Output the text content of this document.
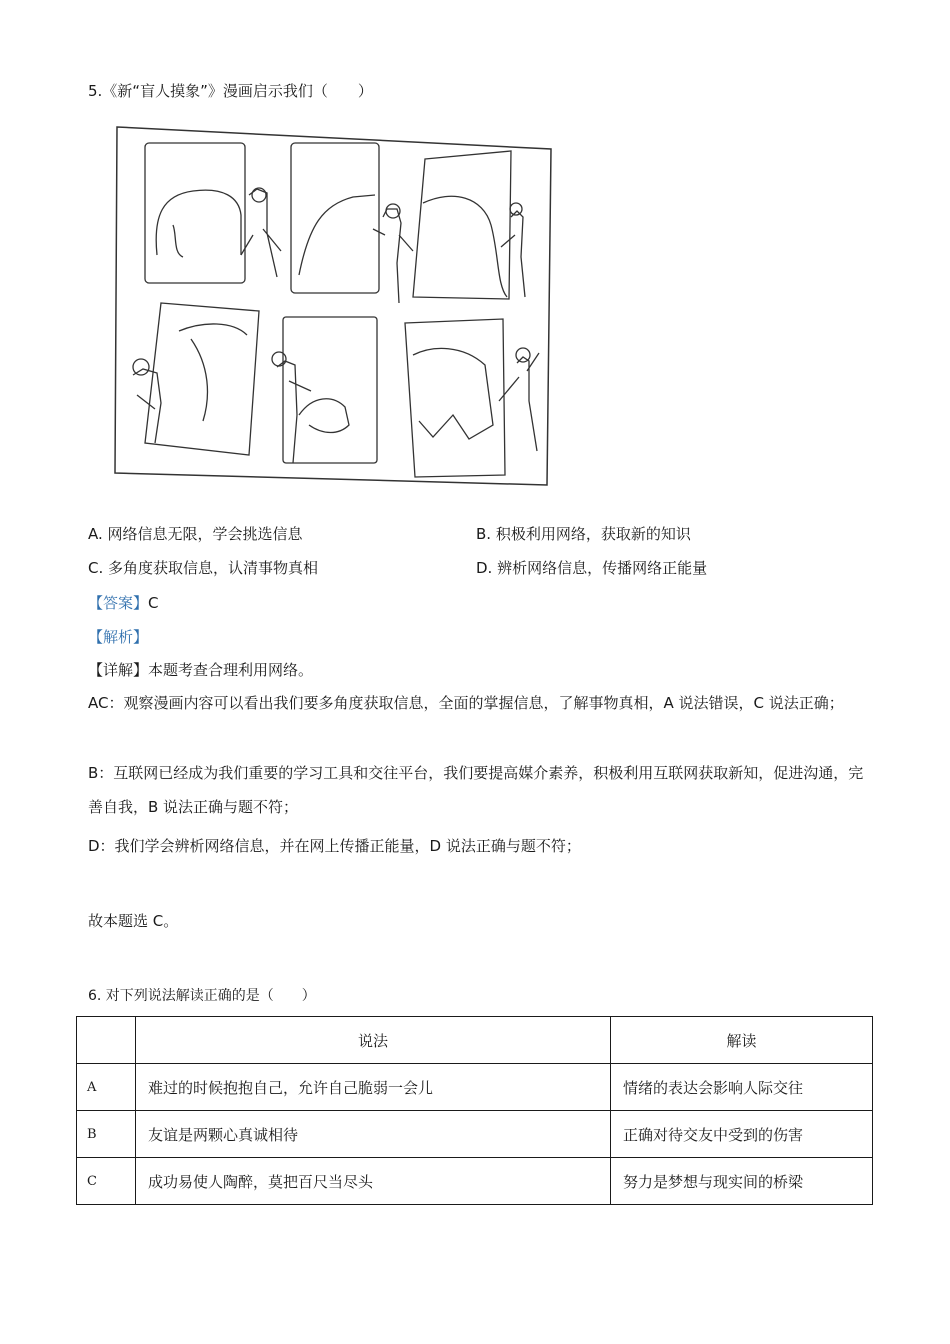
5.《新“盲人摸象”》漫画启示我们（　　）
A. 网络信息无限，学会挑选信息	B. 积极利用网络，获取新的知识
C. 多角度获取信息，认清事物真相	D. 辨析网络信息，传播网络正能量
【答案】C
【解析】
【详解】本题考查合理利用网络。
AC：观察漫画内容可以看出我们要多角度获取信息，全面的掌握信息，了解事物真相，A 说法错误，C 说法正确；
B：互联网已经成为我们重要的学习工具和交往平台，我们要提高媒介素养，积极利用互联网获取新知，促进沟通，完善自我，B 说法正确与题不符；
D：我们学会辨析网络信息，并在网上传播正能量，D 说法正确与题不符；
故本题选 C。
6. 对下列说法解读正确的是（　　）
	说法	解读
A	难过的时候抱抱自己，允许自己脆弱一会儿	情绪的表达会影响人际交往
B	友谊是两颗心真诚相待	正确对待交友中受到的伤害
C	成功易使人陶醉，莫把百尺当尽头	努力是梦想与现实间的桥梁
